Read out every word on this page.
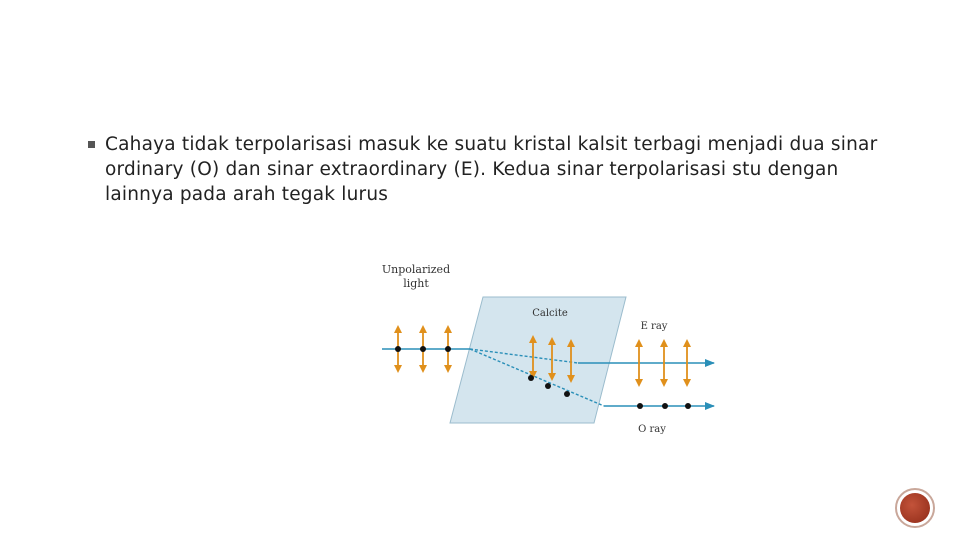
Cahaya tidak terpolarisasi masuk ke suatu kristal kalsit terbagi menjadi dua sinar ordinary (O) dan sinar extraordinary (E). Kedua sinar terpolarisasi stu dengan lainnya pada arah tegak lurus
Unpolarized
light
Calcite
E ray
O ray
